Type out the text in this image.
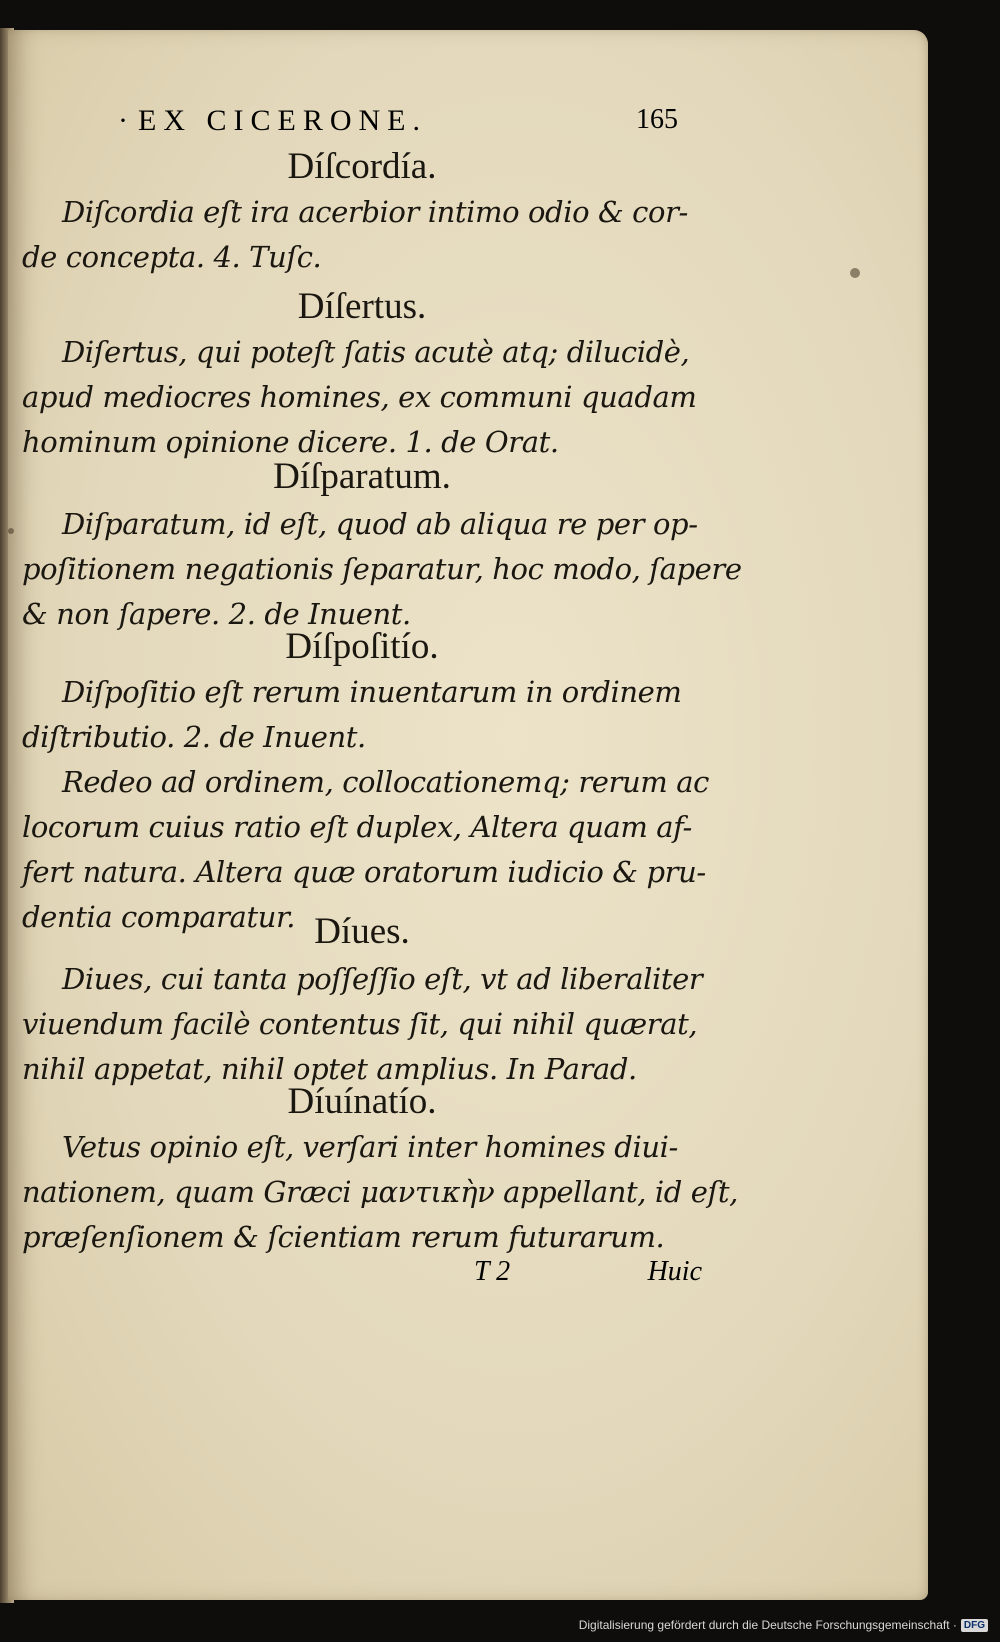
· EX CICERONE.	165
Díſcordía.
Diſcordia eſt ira acerbior intimo odio & cor-
de concepta. 4. Tuſc.
Díſertus.
Diſertus, qui poteſt ſatis acutè atq; dilucidè,
apud mediocres homines, ex communi quadam
hominum opinione dicere. 1. de Orat.
Díſparatum.
Diſparatum, id eſt, quod ab aliqua re per op-
poſitionem negationis ſeparatur, hoc modo, ſapere
& non ſapere. 2. de Inuent.
Díſpoſitío.
Diſpoſitio eſt rerum inuentarum in ordinem
diſtributio. 2. de Inuent.
Redeo ad ordinem, collocationemq; rerum ac
locorum cuius ratio eſt duplex, Altera quam af-
fert natura. Altera quæ oratorum iudicio & pru-
dentia comparatur. Díues.
Diues, cui tanta poſſeſſio eſt, vt ad liberaliter
viuendum facilè contentus ſit, qui nihil quærat,
nihil appetat, nihil optet amplius. In Parad.
Díuínatío.
Vetus opinio eſt, verſari inter homines diui-
nationem, quam Græci μαντικὴν appellant, id eſt,
præſenſionem & ſcientiam rerum futurarum.
T 2	Huic
Digitalisierung gefördert durch die Deutsche Forschungsgemeinschaft · DFG
